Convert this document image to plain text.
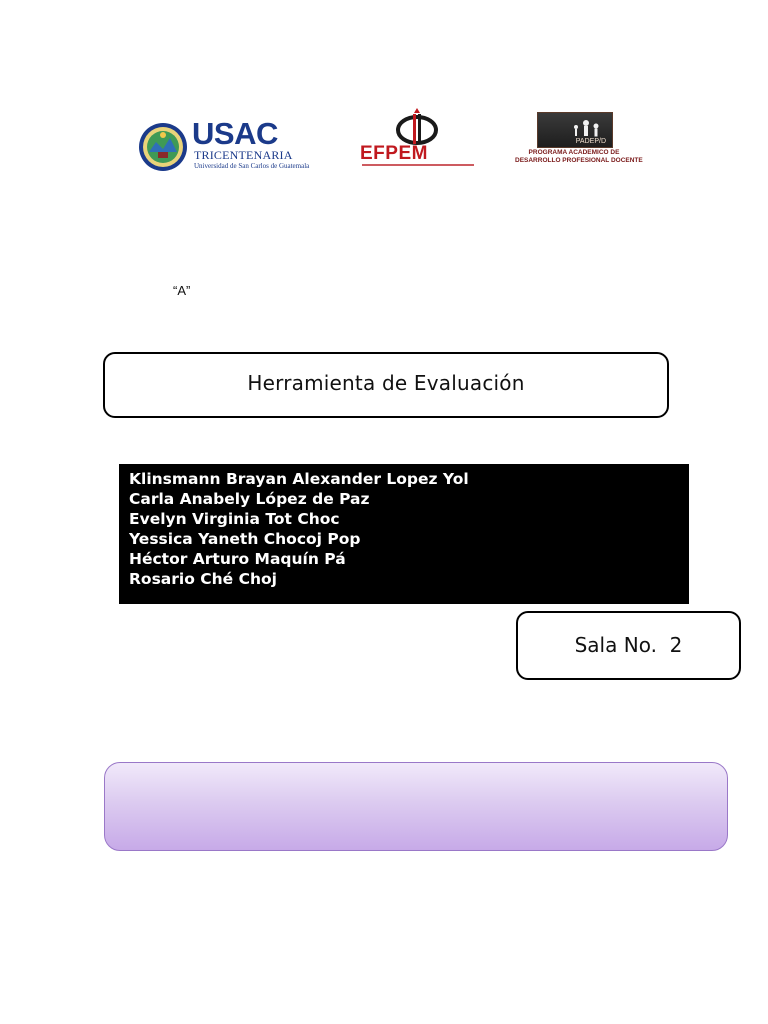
USAC
TRICENTENARIA
Universidad de San Carlos de Guatemala
EFPEM
PADEP/D
PROGRAMA ACADEMICO DE
DESARROLLO PROFESIONAL DOCENTE
“A”
Herramienta de Evaluación
Klinsmann Brayan Alexander Lopez Yol
Carla Anabely López de Paz
Evelyn Virginia Tot Choc
Yessica Yaneth Chocoj Pop
Héctor Arturo Maquín Pá
Rosario Ché Choj
Sala No.  2
